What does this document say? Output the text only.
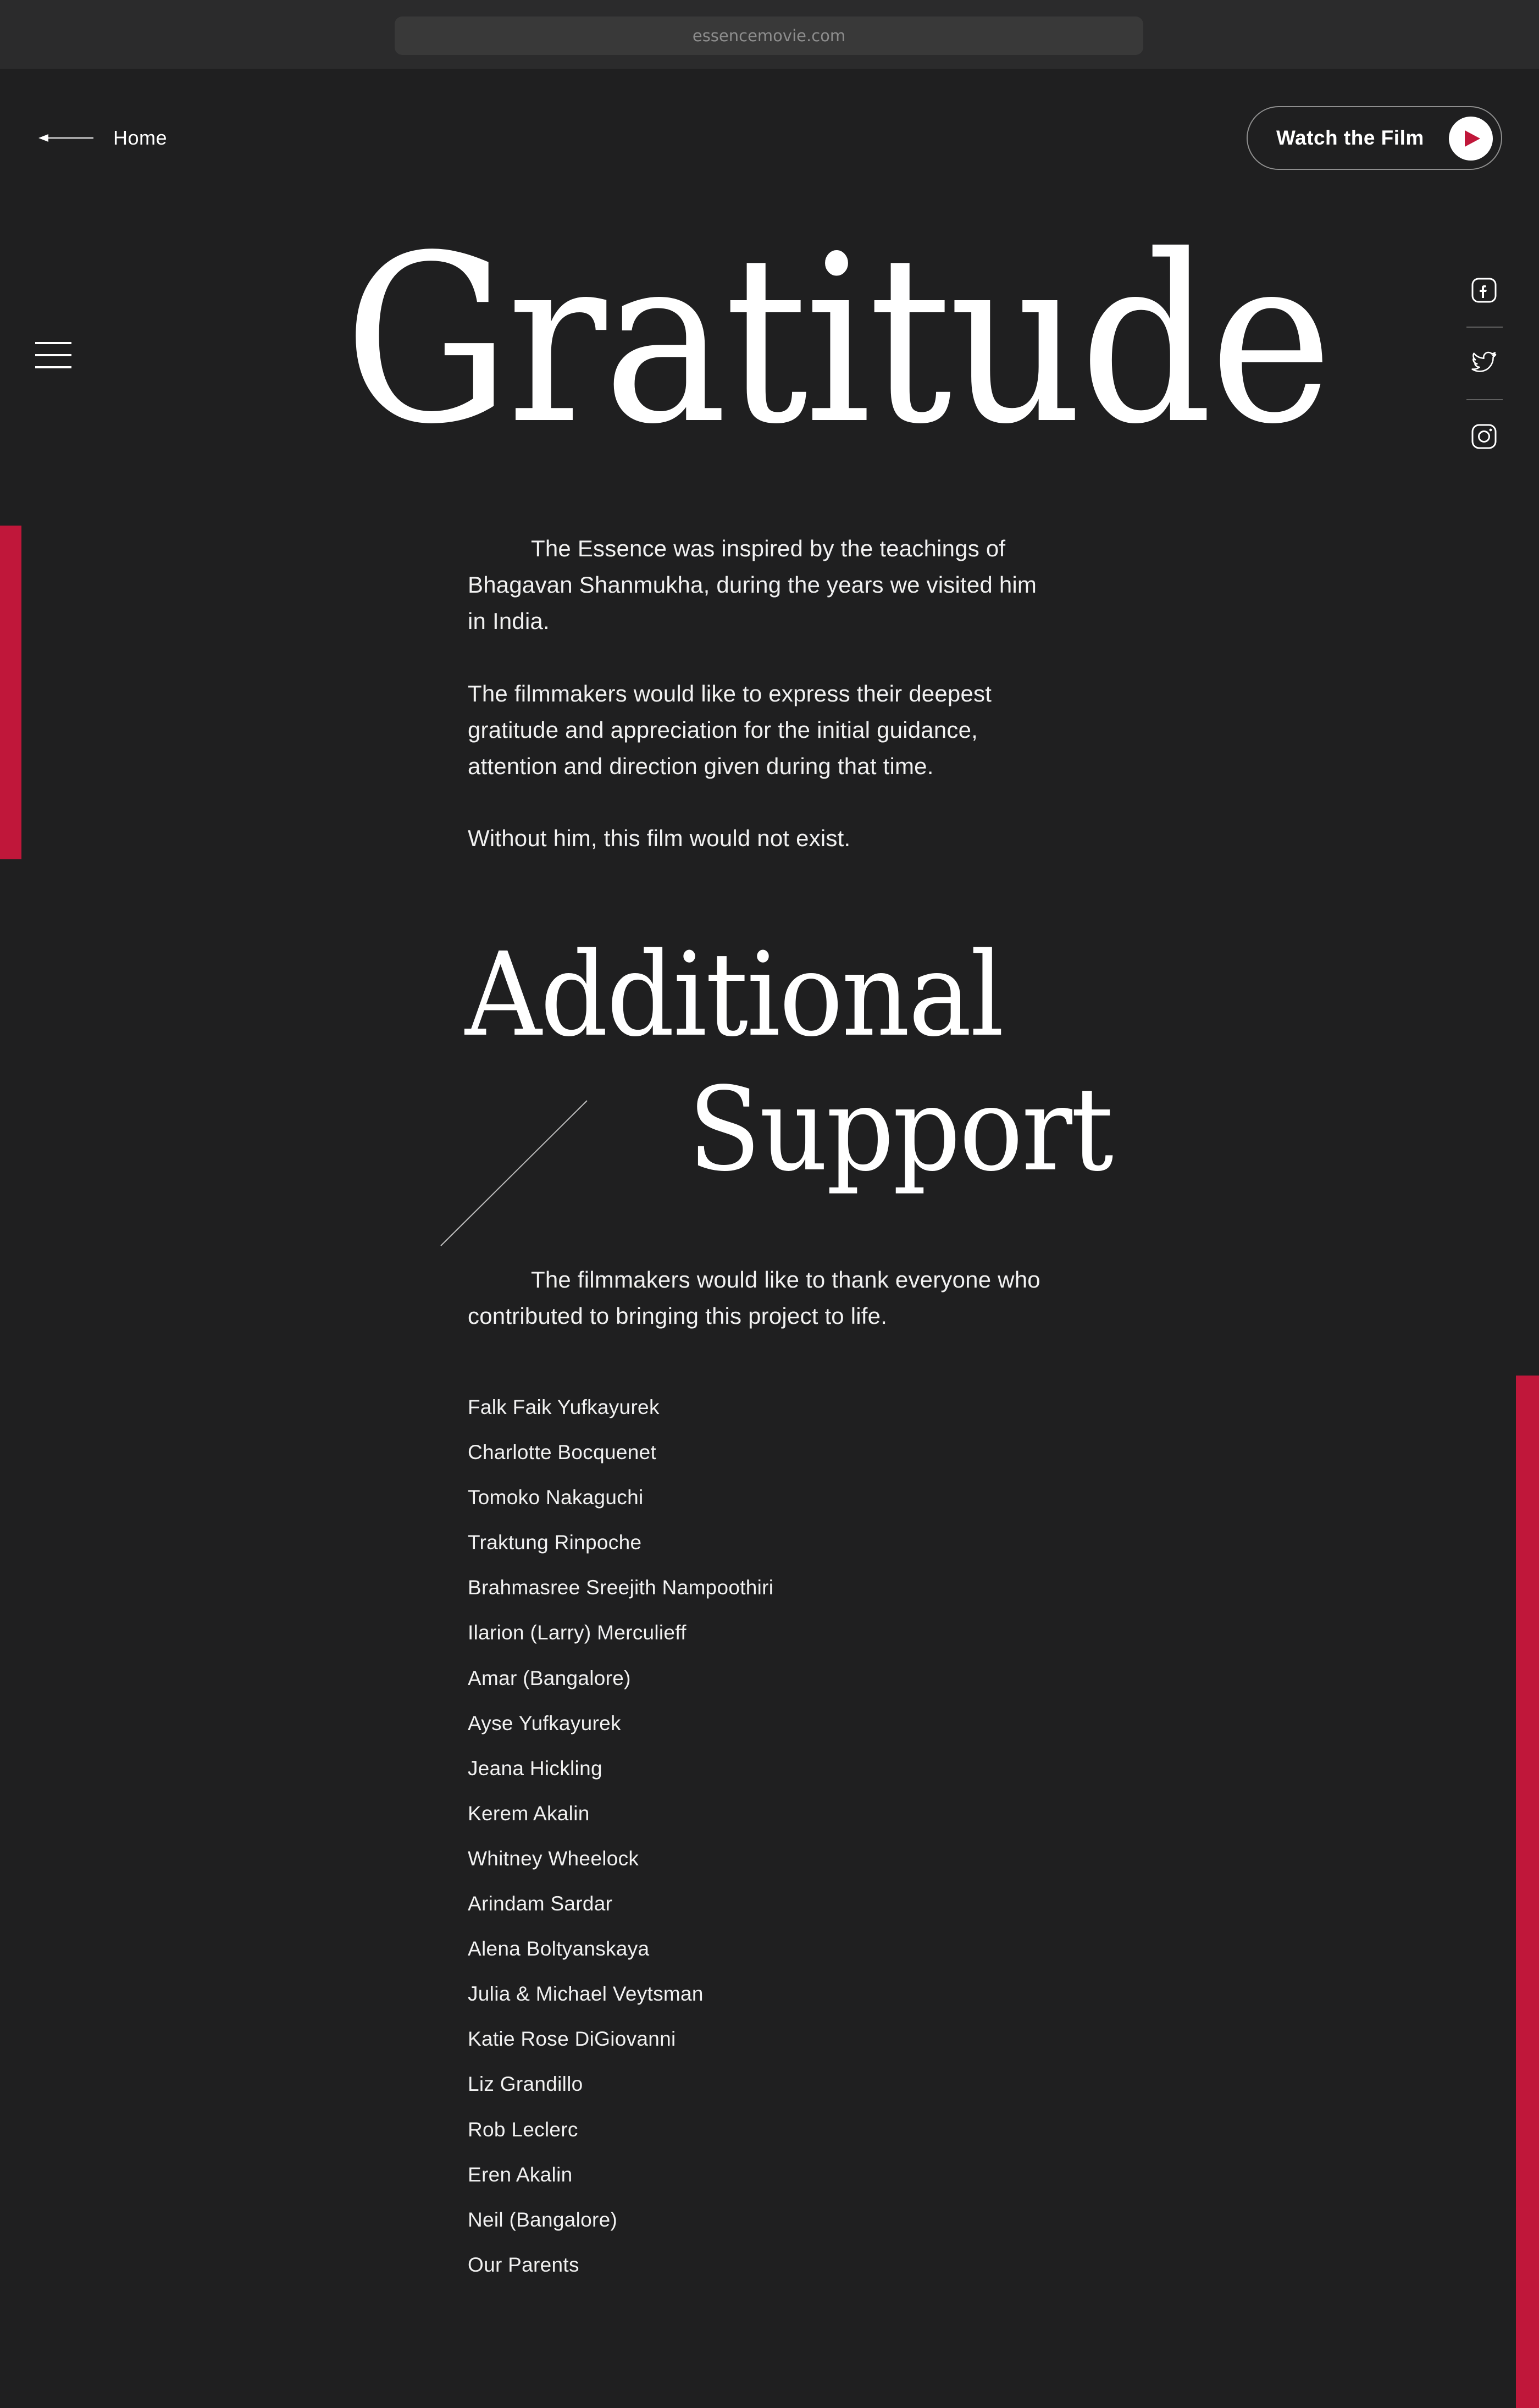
essencemovie.com
Home	Watch the Film
Gratitude

The Essence was inspired by the teachings of Bhagavan Shanmukha, during the years we visited him in India.

The filmmakers would like to express their deepest gratitude and appreciation for the initial guidance, attention and direction given during that time.

Without him, this film would not exist.

Additional
Support

The filmmakers would like to thank everyone who contributed to bringing this project to life.

Falk Faik Yufkayurek
Charlotte Bocquenet
Tomoko Nakaguchi
Traktung Rinpoche
Brahmasree Sreejith Nampoothiri
Ilarion (Larry) Merculieff
Amar (Bangalore)
Ayse Yufkayurek
Jeana Hickling
Kerem Akalin
Whitney Wheelock
Arindam Sardar
Alena Boltyanskaya
Julia & Michael Veytsman
Katie Rose DiGiovanni
Liz Grandillo
Rob Leclerc
Eren Akalin
Neil (Bangalore)
Our Parents
